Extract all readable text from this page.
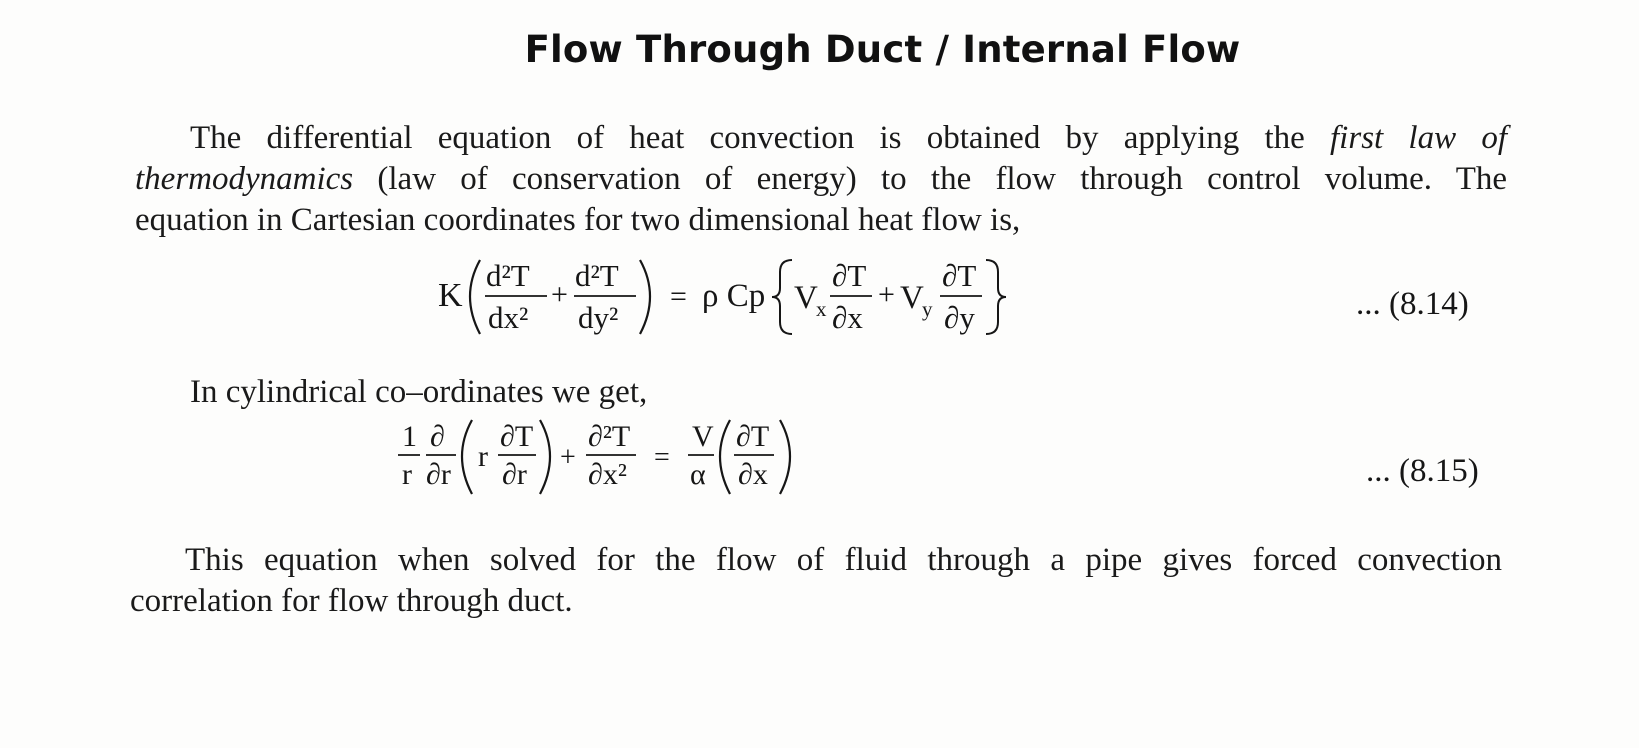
Flow Through Duct / Internal Flow
The differential equation of heat convection is obtained by applying the first law of
thermodynamics (law of conservation of energy) to the flow through control volume. The
equation in Cartesian coordinates for two dimensional heat flow is,
K
d²T
dx²
+
d²T
dy²
= ρ Cp V
x
∂T
∂x
+ V
y
∂T
∂y	... (8.14)
In cylindrical co–ordinates we get,
1
r
∂
∂r
r
∂T
∂r
+
∂²T
∂x²
=
V
α
∂T
∂x	... (8.15)
This equation when solved for the flow of fluid through a pipe gives forced convection
correlation for flow through duct.
